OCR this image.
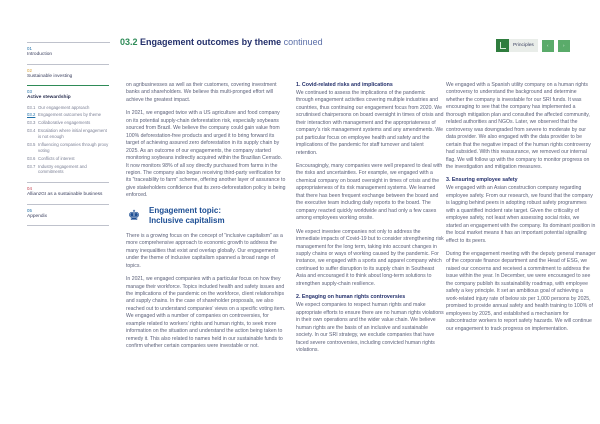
01
Introduction
02
Sustainable investing
03
Active stewardship
03.1 Our engagement approach
03.2 Engagement outcomes by theme
03.3 Collaborative engagements
03.4 Escalation where initial engagement is not enough
03.5 Influencing companies through proxy voting
03.6 Conflicts of interest
03.7 Industry engagement and commitments
04
AllianzGI as a sustainable business
05
Appendix
03.2 Engagement outcomes by theme continued	Principles	‹	›

on agribusinesses as well as their customers, covering investment banks and shareholders. We believe this multi-pronged effort will achieve the greatest impact.

In 2021, we engaged twice with a US agriculture and food company on its potential supply-chain deforestation risk, especially soybeans sourced from Brazil. We believe the company could gain value from 100% deforestation-free products and urged it to bring forward its target of achieving assured zero deforestation in its supply chain by 2025. As an outcome of our engagements, the company started monitoring soybeans indirectly acquired within the Brazilian Cerrado. It now monitors 98% of all soy directly purchased from farms in the region. The company also began receiving third-party verification for its “traceability to farm” scheme, offering another layer of assurance to give stakeholders confidence that its zero-deforestation policy is being enforced.

♚ Engagement topic:
Inclusive capitalism

There is a growing focus on the concept of “inclusive capitalism” as a more comprehensive approach to economic growth to address the many inequalities that exist and overlap globally. Our engagements under the theme of inclusive capitalism spanned a broad range of topics.

In 2021, we engaged companies with a particular focus on how they manage their workforce. Topics included health and safety issues and the implications of the pandemic on the workforce, client relationships and supply chains. In the case of shareholder proposals, we also reached out to understand companies’ views on a specific voting item. We engaged with a number of companies on controversies, for example related to workers’ rights and human rights, to seek more information on the situation and understand the action being taken to remedy it. This also related to names held in our sustainable funds to confirm whether certain companies were investable or not.

1. Covid-related risks and implications

We continued to assess the implications of the pandemic through engagement activities covering multiple industries and countries, thus continuing our engagement focus from 2020. We scrutinised chairpersons on board oversight in times of crisis and their interaction with management and the appropriateness of company’s risk management systems and any amendments. We put particular focus on employee health and safety and the implications of the pandemic for staff turnover and talent retention.

Encouragingly, many companies were well prepared to deal with the risks and uncertainties. For example, we engaged with a chemical company on board oversight in times of crisis and the appropriateness of its risk management systems. We learned that there has been frequent exchange between the board and the executive team including daily reports to the board. The company reacted quickly worldwide and had only a few cases among employees working onsite.

We expect investee companies not only to address the immediate impacts of Covid-19 but to consider strengthening risk management for the long term, taking into account changes in supply chains or ways of working caused by the pandemic. For instance, we engaged with a sports and apparel company which continued to suffer disruption to its supply chain in Southeast Asia and encouraged it to think about long-term solutions to strengthen supply-chain resilience.

2. Engaging on human rights controversies

We expect companies to respect human rights and make appropriate efforts to ensure there are no human rights violations in their own operations and the wider value chain. We believe human rights are the basis of an inclusive and sustainable society. In our SRI strategy, we exclude companies that have faced severe controversies, including convicted human rights violations.

We engaged with a Spanish utility company on a human rights controversy to understand the background and determine whether the company is investable for our SRI funds. It was encouraging to see that the company has implemented a thorough mitigation plan and consulted the affected community, related authorities and NGOs. Later, we observed that the controversy was downgraded from severe to moderate by our data provider. We also engaged with the data provider to be certain that the negative impact of the human rights controversy had subsided. With this reassurance, we removed our internal flag. We will follow up with the company to monitor progress on the investigation and mitigation measures.

3. Ensuring employee safety

We engaged with an Asian construction company regarding employee safety. From our research, we found that the company is lagging behind peers in adopting robust safety programmes with a quantified incident rate target. Given the criticality of employee safety, not least when assessing social risks, we started an engagement with the company. Its dominant position in the local market means it has an important potential signalling effect to its peers.

During the engagement meeting with the deputy general manager of the corporate finance department and the Head of ESG, we raised our concerns and received a commitment to address the issue within the year. In December, we were encouraged to see the company publish its sustainability roadmap, with employee safety a key principle. It set an ambitious goal of achieving a work-related injury rate of below six per 1,000 persons by 2025, promised to provide annual safety and health training to 100% of employees by 2025, and established a mechanism for subcontractor workers to report safety hazards. We will continue our engagement to track progress on implementation.
